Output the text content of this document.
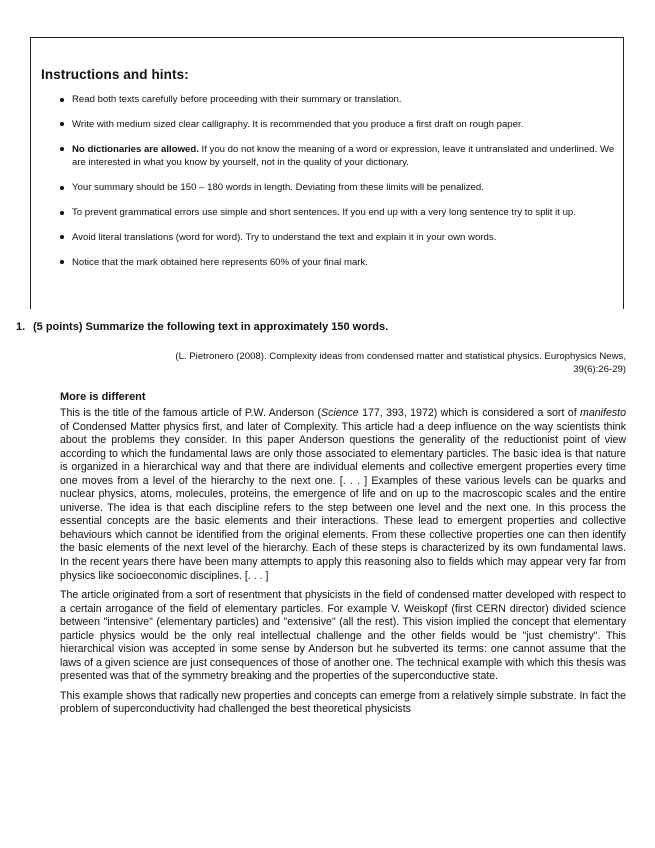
Instructions and hints:
Read both texts carefully before proceeding with their summary or translation.
Write with medium sized clear calligraphy. It is recommended that you produce a first draft on rough paper.
No dictionaries are allowed. If you do not know the meaning of a word or expression, leave it untranslated and underlined. We are interested in what you know by yourself, not in the quality of your dictionary.
Your summary should be 150 – 180 words in length. Deviating from these limits will be penalized.
To prevent grammatical errors use simple and short sentences. If you end up with a very long sentence try to split it up.
Avoid literal translations (word for word). Try to understand the text and explain it in your own words.
Notice that the mark obtained here represents 60% of your final mark.
1. (5 points) Summarize the following text in approximately 150 words.
(L. Pietronero (2008). Complexity ideas from condensed matter and statistical physics. Europhysics News,
39(6):26-29)
More is different

This is the title of the famous article of P.W. Anderson (Science 177, 393, 1972) which is considered a sort of manifesto of Condensed Matter physics first, and later of Complexity. This article had a deep influence on the way scientists think about the problems they consider. In this paper Anderson questions the generality of the reductionist point of view according to which the fundamental laws are only those associated to elementary particles. The basic idea is that nature is organized in a hierarchical way and that there are individual elements and collective emergent properties every time one moves from a level of the hierarchy to the next one. [. . . ] Examples of these various levels can be quarks and nuclear physics, atoms, molecules, proteins, the emergence of life and on up to the macroscopic scales and the entire universe. The idea is that each discipline refers to the step between one level and the next one. In this process the essential concepts are the basic elements and their interactions. These lead to emergent properties and collective behaviours which cannot be identified from the original elements. From these collective properties one can then identify the basic elements of the next level of the hierarchy. Each of these steps is characterized by its own fundamental laws. In the recent years there have been many attempts to apply this reasoning also to fields which may appear very far from physics like socioeconomic disciplines. [. . . ]

The article originated from a sort of resentment that physicists in the field of condensed matter developed with respect to a certain arrogance of the field of elementary particles. For example V. Weiskopf (first CERN director) divided science between "intensive" (elementary particles) and "extensive" (all the rest). This vision implied the concept that elementary particle physics would be the only real intellectual challenge and the other fields would be "just chemistry". This hierarchical vision was accepted in some sense by Anderson but he subverted its terms: one cannot assume that the laws of a given science are just consequences of those of another one. The technical example with which this thesis was presented was that of the symmetry breaking and the properties of the superconductive state.

This example shows that radically new properties and concepts can emerge from a relatively simple substrate. In fact the problem of superconductivity had challenged the best theoretical physicists
